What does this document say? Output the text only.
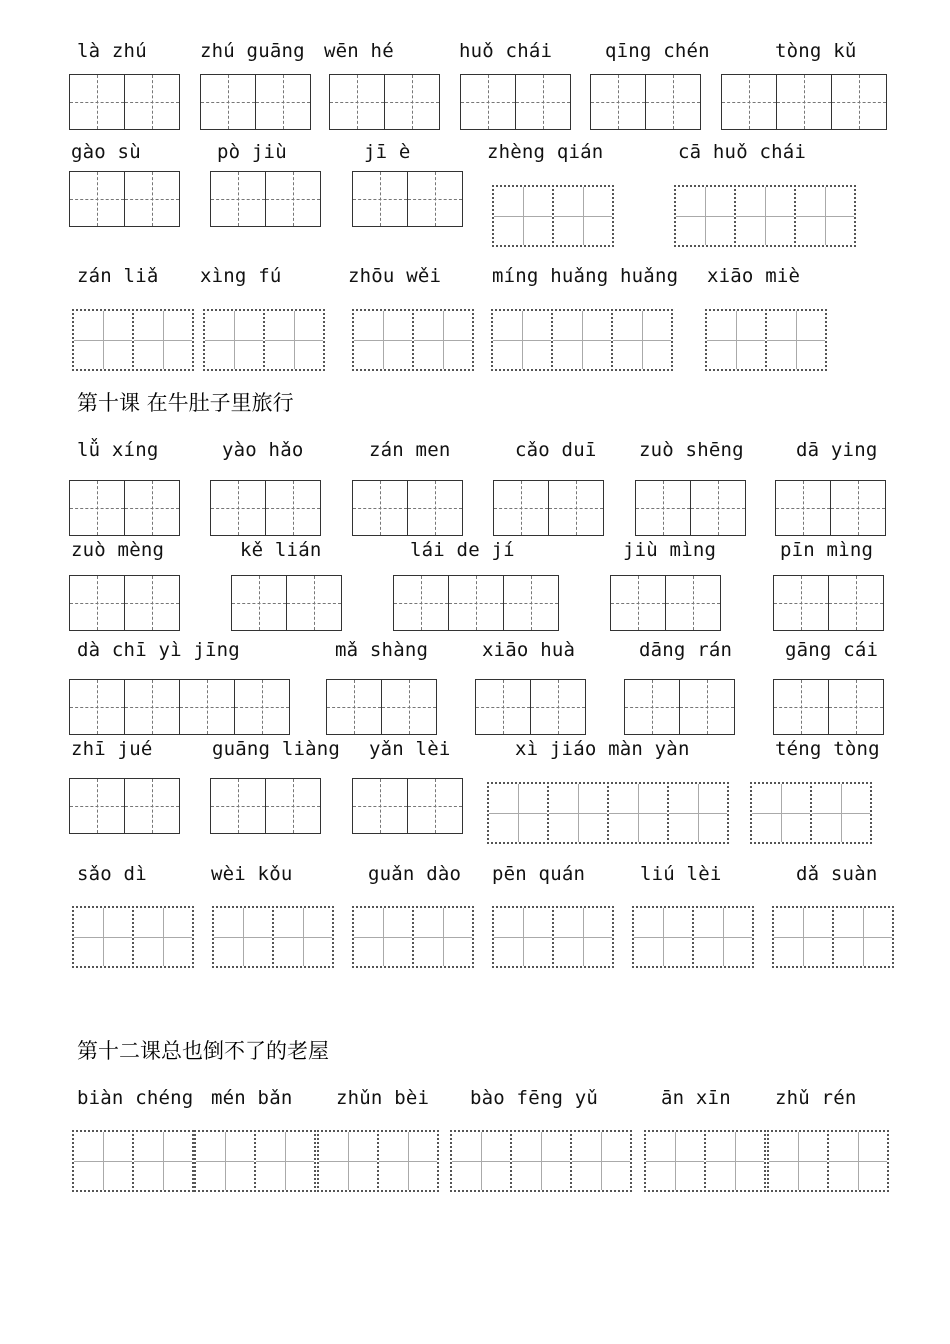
là zhú	zhú guāng wēn hé	huǒ chái	qīng chén	tòng kǔ
gào sù	pò jiù	jī è	zhèng qián	cā huǒ chái
zán liǎ xìng fú	zhōu wěi	míng huǎng huǎng xiāo miè
第十课 在牛肚子里旅行
lǚ xíng	yào hǎo	zán men	cǎo duī zuò shēng	dā ying
zuò mèng	kě lián	lái de jí	jiù mìng	pīn mìng
dà chī yì jīng	mǎ shàng	xiāo huà	dāng rán	gāng cái
zhī jué	guāng liàng yǎn lèi	xì jiáo màn yàn	téng tòng
sǎo dì	wèi kǒu	guǎn dào pēn quán	liú lèi	dǎ suàn
第十二课总也倒不了的老屋
biàn chéng mén bǎn zhǔn bèi bào fēng yǔ	ān xīn zhǔ rén
